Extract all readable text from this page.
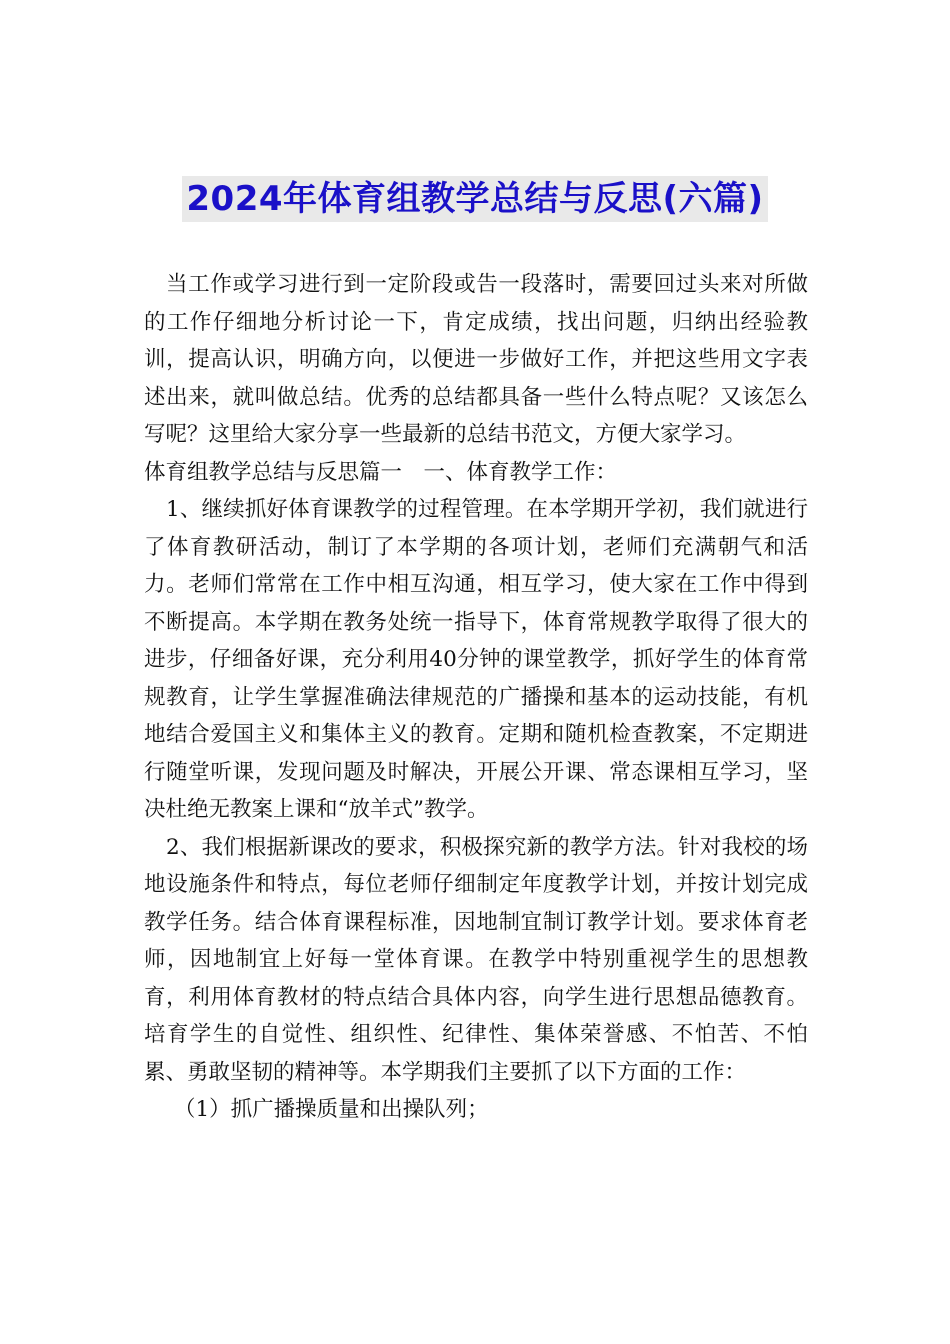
2024年体育组教学总结与反思(六篇)

当工作或学习进行到一定阶段或告一段落时，需要回过头来对所做的工作仔细地分析讨论一下，肯定成绩，找出问题，归纳出经验教训，提高认识，明确方向，以便进一步做好工作，并把这些用文字表述出来，就叫做总结。优秀的总结都具备一些什么特点呢？又该怎么写呢？这里给大家分享一些最新的总结书范文，方便大家学习。

体育组教学总结与反思篇一　一、体育教学工作：

1、继续抓好体育课教学的过程管理。在本学期开学初，我们就进行了体育教研活动，制订了本学期的各项计划，老师们充满朝气和活力。老师们常常在工作中相互沟通，相互学习，使大家在工作中得到不断提高。本学期在教务处统一指导下，体育常规教学取得了很大的进步，仔细备好课，充分利用40分钟的课堂教学，抓好学生的体育常规教育，让学生掌握准确法律规范的广播操和基本的运动技能，有机地结合爱国主义和集体主义的教育。定期和随机检查教案，不定期进行随堂听课，发现问题及时解决，开展公开课、常态课相互学习，坚决杜绝无教案上课和“放羊式”教学。

2、我们根据新课改的要求，积极探究新的教学方法。针对我校的场地设施条件和特点，每位老师仔细制定年度教学计划，并按计划完成教学任务。结合体育课程标准，因地制宜制订教学计划。要求体育老师，因地制宜上好每一堂体育课。在教学中特别重视学生的思想教育，利用体育教材的特点结合具体内容，向学生进行思想品德教育。培育学生的自觉性、组织性、纪律性、集体荣誉感、不怕苦、不怕累、勇敢坚韧的精神等。本学期我们主要抓了以下方面的工作：

（1）抓广播操质量和出操队列；
